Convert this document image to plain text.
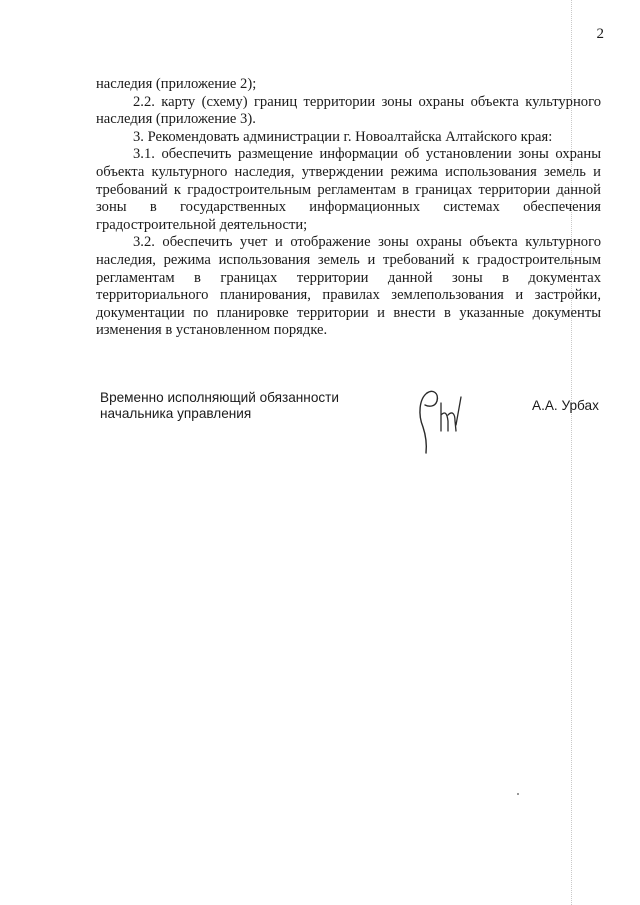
2

наследия (приложение 2);

2.2. карту (схему) границ территории зоны охраны объекта культурного наследия (приложение 3).

3. Рекомендовать администрации г. Новоалтайска Алтайского края:

3.1. обеспечить размещение информации об установлении зоны охраны объекта культурного наследия, утверждении режима использования земель и требований к градостроительным регламентам в границах территории данной зоны в государственных информационных системах обеспечения градостроительной деятельности;

3.2. обеспечить учет и отображение зоны охраны объекта культурного наследия, режима использования земель и требований к градостроительным регламентам в границах территории данной зоны в документах территориального планирования, правилах землепользования и застройки, документации по планировке территории и внести в указанные документы изменения в установленном порядке.

Временно исполняющий обязанности
начальника управления
А.А. Урбах
